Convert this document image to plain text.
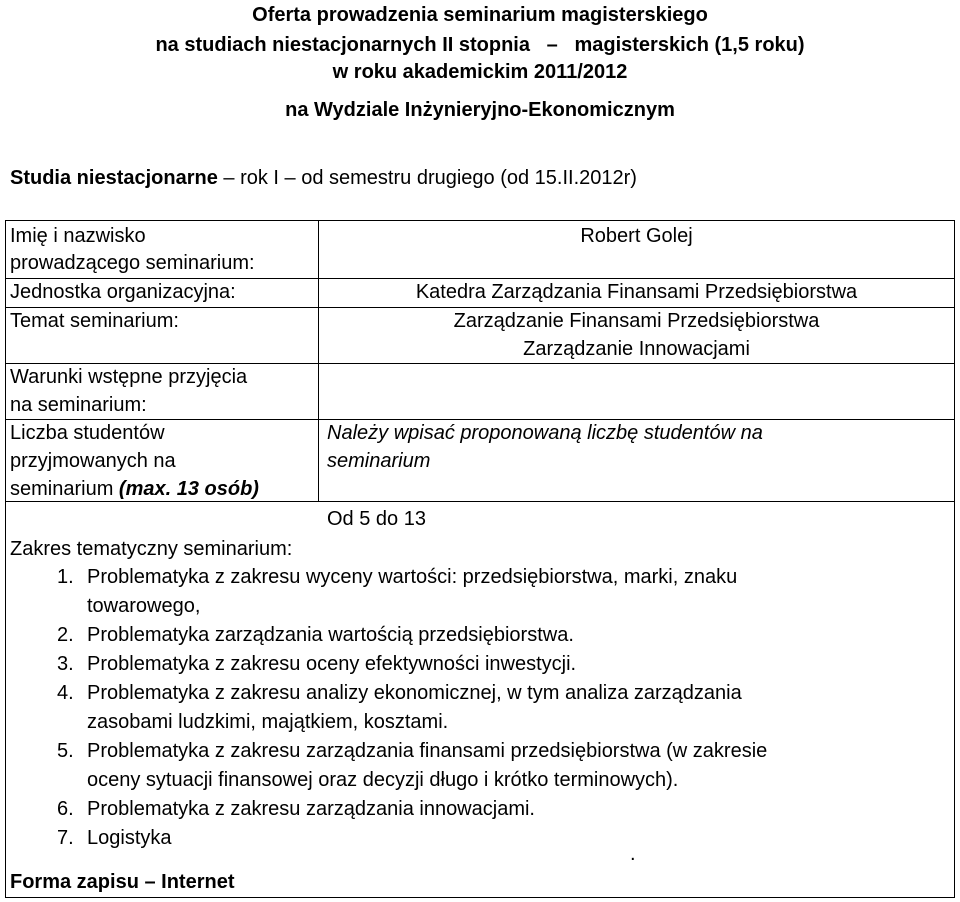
Oferta prowadzenia seminarium magisterskiego
na studiach niestacjonarnych II stopnia – magisterskich (1,5 roku)
w roku akademickim 2011/2012
na Wydziale Inżynieryjno-Ekonomicznym
Studia niestacjonarne – rok I – od semestru drugiego (od 15.II.2012r)
Imię i nazwisko
prowadzącego seminarium:
Robert Golej
Jednostka organizacyjna:	Katedra Zarządzania Finansami Przedsiębiorstwa
Temat seminarium:	Zarządzanie Finansami Przedsiębiorstwa
Zarządzanie Innowacjami
Warunki wstępne przyjęcia
na seminarium:
Liczba studentów
przyjmowanych na
seminarium (max. 13 osób)
Należy wpisać proponowaną liczbę studentów na
seminarium
Od 5 do 13
Zakres tematyczny seminarium:
1. Problematyka z zakresu wyceny wartości: przedsiębiorstwa, marki, znaku
towarowego,
2. Problematyka zarządzania wartością przedsiębiorstwa.
3. Problematyka z zakresu oceny efektywności inwestycji.
4. Problematyka z zakresu analizy ekonomicznej, w tym analiza zarządzania
zasobami ludzkimi, majątkiem, kosztami.
5. Problematyka z zakresu zarządzania finansami przedsiębiorstwa (w zakresie
oceny sytuacji finansowej oraz decyzji długo i krótko terminowych).
6. Problematyka z zakresu zarządzania innowacjami.
7. Logistyka
.
Forma zapisu – Internet
